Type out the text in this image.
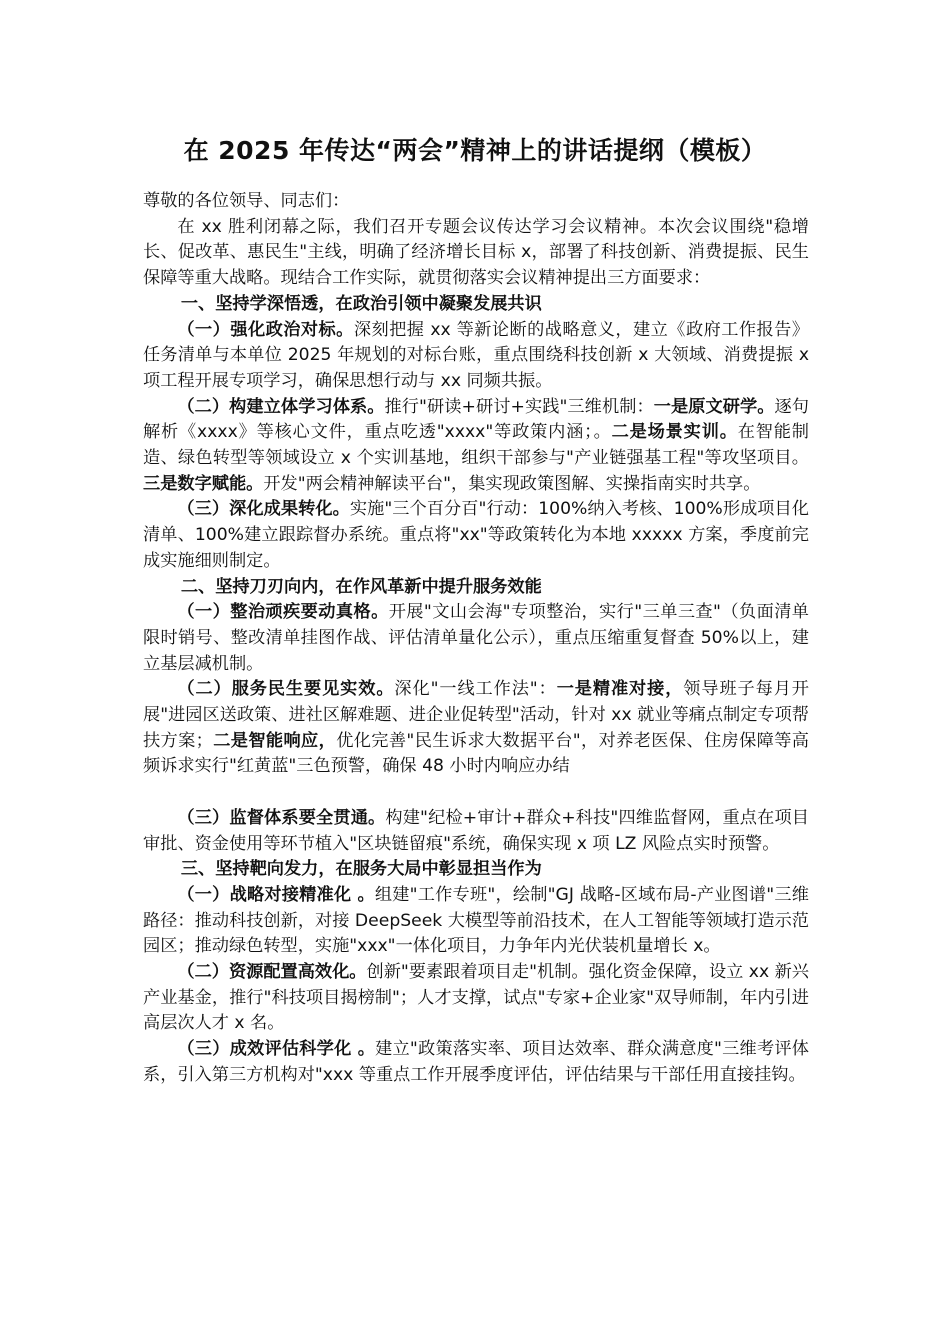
在 2025 年传达“两会”精神上的讲话提纲（模板）

尊敬的各位领导、同志们：

在 xx 胜利闭幕之际，我们召开专题会议传达学习会议精神。本次会议围绕"稳增长、促改革、惠民生"主线，明确了经济增长目标 x，部署了科技创新、消费提振、民生保障等重大战略。现结合工作实际，就贯彻落实会议精神提出三方面要求：

一、坚持学深悟透，在政治引领中凝聚发展共识

（一）强化政治对标。深刻把握 xx 等新论断的战略意义，建立《政府工作报告》任务清单与本单位 2025 年规划的对标台账，重点围绕科技创新 x 大领域、消费提振 x 项工程开展专项学习，确保思想行动与 xx 同频共振。

（二）构建立体学习体系。推行"研读+研讨+实践"三维机制：一是原文研学。逐句解析《xxxx》等核心文件，重点吃透"xxxx"等政策内涵；。二是场景实训。在智能制造、绿色转型等领域设立 x 个实训基地，组织干部参与"产业链强基工程"等攻坚项目。三是数字赋能。开发"两会精神解读平台"，集实现政策图解、实操指南实时共享。

（三）深化成果转化。实施"三个百分百"行动：100%纳入考核、100%形成项目化清单、100%建立跟踪督办系统。重点将"xx"等政策转化为本地 xxxxx 方案，季度前完成实施细则制定。

二、坚持刀刃向内，在作风革新中提升服务效能

（一）整治顽疾要动真格。开展"文山会海"专项整治，实行"三单三查"（负面清单限时销号、整改清单挂图作战、评估清单量化公示），重点压缩重复督查 50%以上，建立基层减机制。

（二）服务民生要见实效。深化"一线工作法"：一是精准对接，领导班子每月开展"进园区送政策、进社区解难题、进企业促转型"活动，针对 xx 就业等痛点制定专项帮扶方案；二是智能响应，优化完善"民生诉求大数据平台"，对养老医保、住房保障等高频诉求实行"红黄蓝"三色预警，确保 48 小时内响应办结

（三）监督体系要全贯通。构建"纪检+审计+群众+科技"四维监督网，重点在项目审批、资金使用等环节植入"区块链留痕"系统，确保实现 x 项 LZ 风险点实时预警。

三、坚持靶向发力，在服务大局中彰显担当作为

（一）战略对接精准化 。组建"工作专班"，绘制"GJ 战略-区域布局-产业图谱"三维路径：推动科技创新，对接 DeepSeek 大模型等前沿技术，在人工智能等领域打造示范园区；推动绿色转型，实施"xxx"一体化项目，力争年内光伏装机量增长 x。

（二）资源配置高效化。创新"要素跟着项目走"机制。强化资金保障，设立 xx 新兴产业基金，推行"科技项目揭榜制"；人才支撑，试点"专家+企业家"双导师制，年内引进高层次人才 x 名。

（三）成效评估科学化 。建立"政策落实率、项目达效率、群众满意度"三维考评体系，引入第三方机构对"xxx 等重点工作开展季度评估，评估结果与干部任用直接挂钩。
